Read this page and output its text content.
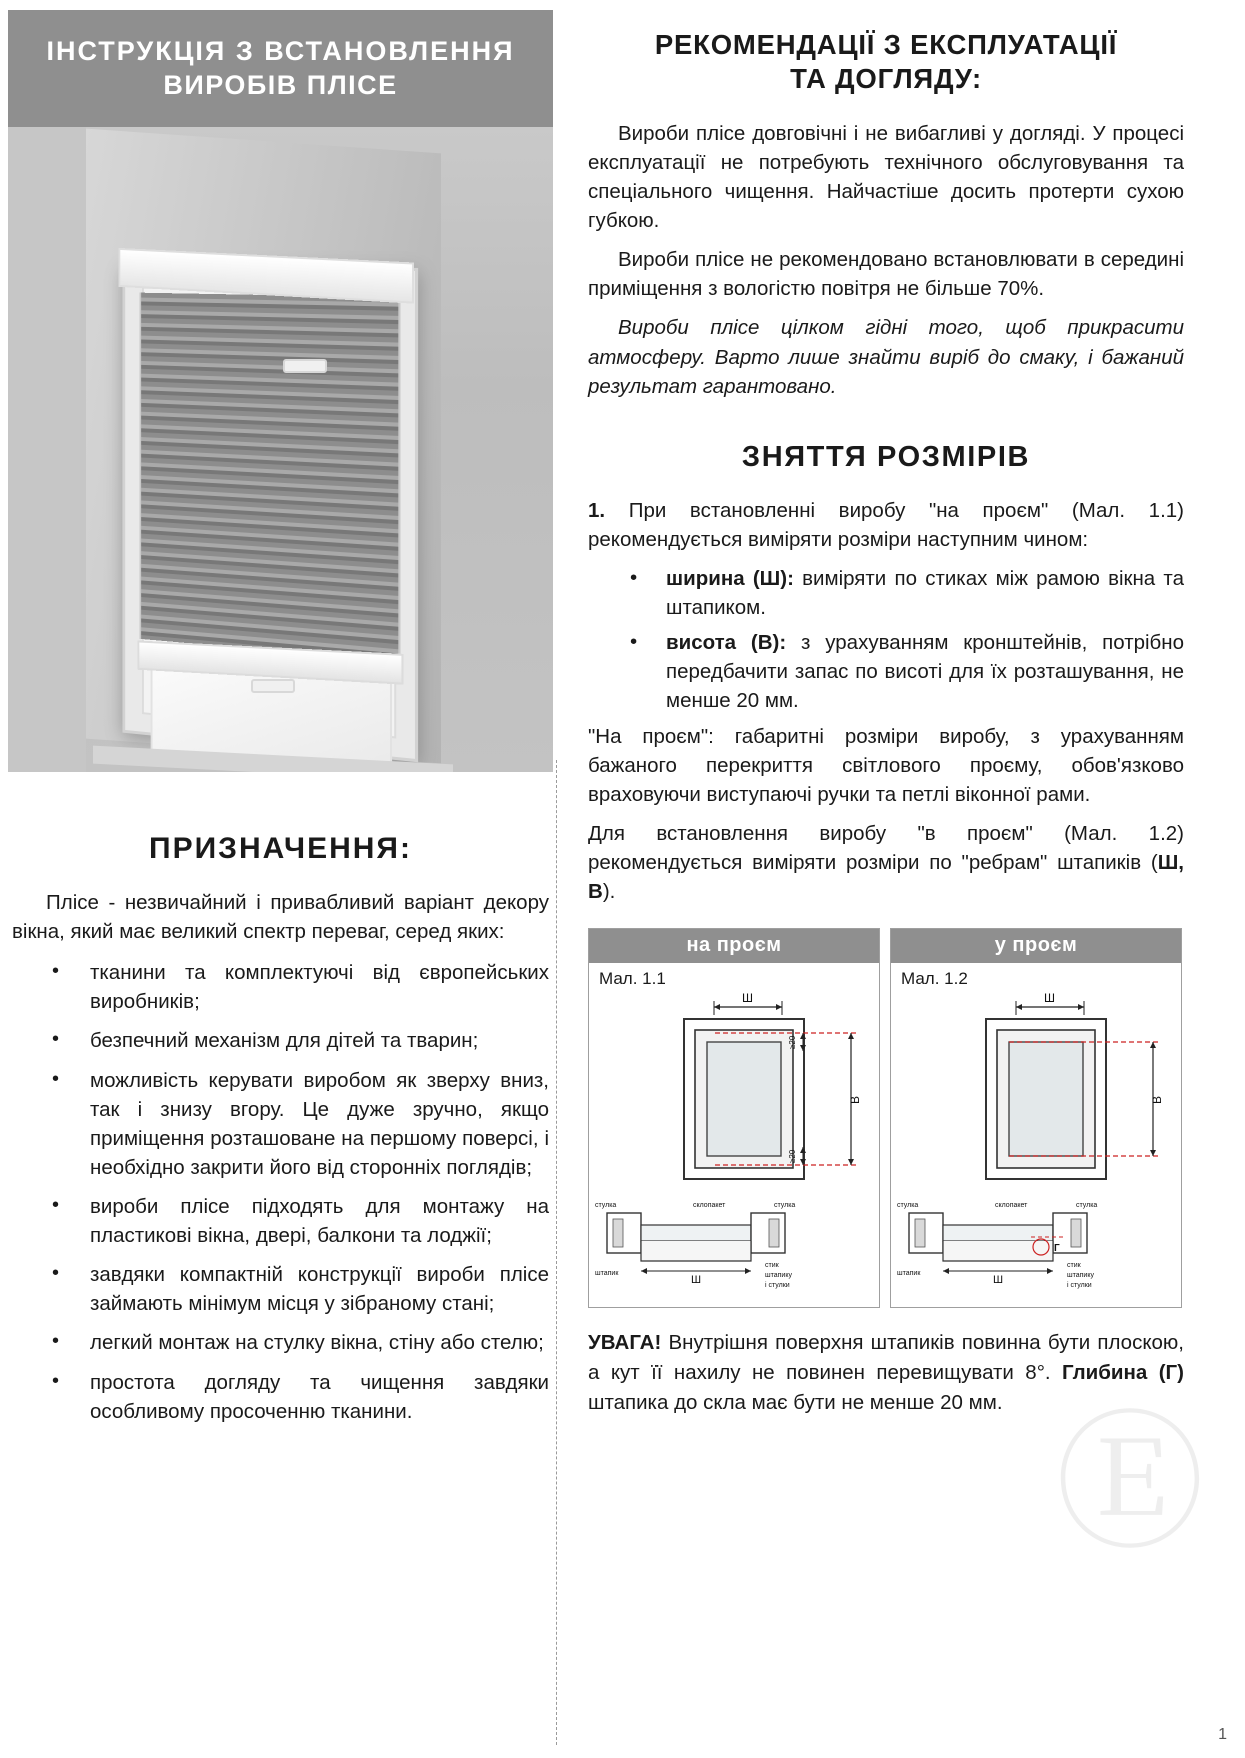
ІНСТРУКЦІЯ З ВСТАНОВЛЕННЯ
ВИРОБІВ ПЛІСЕ
ПРИЗНАЧЕННЯ:

Плісе - незвичайний і привабливий варіант декору вікна, який має великий спектр переваг, серед яких:

• тканини та комплектуючі від європейських виробників;
• безпечний механізм для дітей та тварин;
• можливість керувати виробом як зверху вниз, так і знизу вгору. Це дуже зручно, якщо приміщення розташоване на першому поверсі, і необхідно закрити його від сторонніх поглядів;
• вироби плісе підходять для монтажу на пластикові вікна, двері, балкони та лоджії;
• завдяки компактній конструкції вироби плісе займають мінімум місця у зібраному стані;
• легкий монтаж на стулку вікна, стіну або стелю;
• простота догляду та чищення завдяки особливому просоченню тканини.
РЕКОМЕНДАЦІЇ З ЕКСПЛУАТАЦІЇ
ТА ДОГЛЯДУ:

Вироби плісе довговічні і не вибагливі у догляді. У процесі експлуатації не потребують технічного обслуговування та спеціального чищення. Найчастіше досить протерти сухою губкою.

Вироби плісе не рекомендовано встановлювати в середині приміщення з вологістю повітря не більше 70%.

Вироби плісе цілком гідні того, щоб прикрасити атмосферу. Варто лише знайти виріб до смаку, і бажаний результат гарантовано.

ЗНЯТТЯ РОЗМІРІВ

1. При встановленні виробу "на проєм" (Мал. 1.1) рекомендується виміряти розміри наступним чином:

• ширина (Ш): виміряти по стиках між рамою вікна та штапиком.
• висота (В): з урахуванням кронштейнів, потрібно передбачити запас по висоті для їх розташування, не менше 20 мм.

"На проєм": габаритні розміри виробу, з урахуванням бажаного перекриття світлового проєму, обов'язково враховуючи виступаючі ручки та петлі віконної рами.

Для встановлення виробу "в проєм" (Мал. 1.2) рекомендується виміряти розміри по "ребрам" штапиків (Ш, В).

на проєм
Мал. 1.1
Ш
≥20
≥20
В
стулка	склопакет	стулка
Ш
штапик
стик
штапику
і стулки
у проєм
Мал. 1.2
Ш
В
стулка	склопакет	стулка
Г
Ш
штапик
стик
штапику
і стулки

УВАГА! Внутрішня поверхня штапиків повинна бути плоскою, а кут її нахилу не повинен перевищувати 8°. Глибина (Г) штапика до скла має бути не менше 20 мм. Ⓔ
1
